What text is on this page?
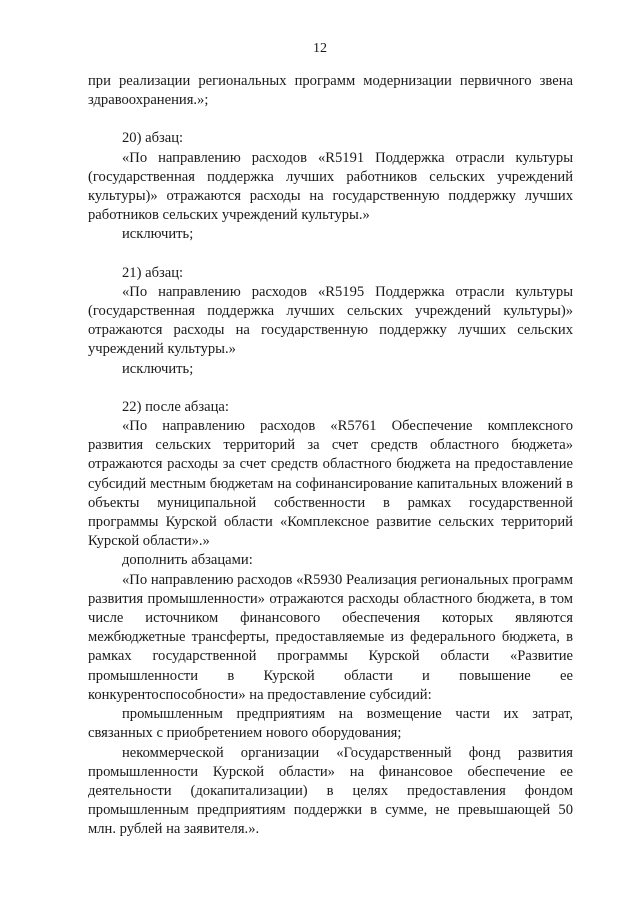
12

при реализации региональных программ модернизации первичного звена здравоохранения.»;

20) абзац:

«По направлению расходов «R5191 Поддержка отрасли культуры (государственная поддержка лучших работников сельских учреждений культуры)» отражаются расходы на государственную поддержку лучших работников сельских учреждений культуры.»

исключить;

21) абзац:

«По направлению расходов «R5195 Поддержка отрасли культуры (государственная поддержка лучших сельских учреждений культуры)» отражаются расходы на государственную поддержку лучших сельских учреждений культуры.»

исключить;

22) после абзаца:

«По направлению расходов «R5761 Обеспечение комплексного развития сельских территорий за счет средств областного бюджета» отражаются расходы за счет средств областного бюджета на предоставление субсидий местным бюджетам на софинансирование капитальных вложений в объекты муниципальной собственности в рамках государственной программы Курской области «Комплексное развитие сельских территорий Курской области».»

дополнить абзацами:

«По направлению расходов «R5930 Реализация региональных программ развития промышленности» отражаются расходы областного бюджета, в том числе источником финансового обеспечения которых являются межбюджетные трансферты, предоставляемые из федерального бюджета, в рамках государственной программы Курской области «Развитие промышленности в Курской области и повышение ее конкурентоспособности» на предоставление субсидий:

промышленным предприятиям на возмещение части их затрат, связанных с приобретением нового оборудования;

некоммерческой организации «Государственный фонд развития промышленности Курской области» на финансовое обеспечение ее деятельности (докапитализации) в целях предоставления фондом промышленным предприятиям поддержки в сумме, не превышающей 50 млн. рублей на заявителя.».
